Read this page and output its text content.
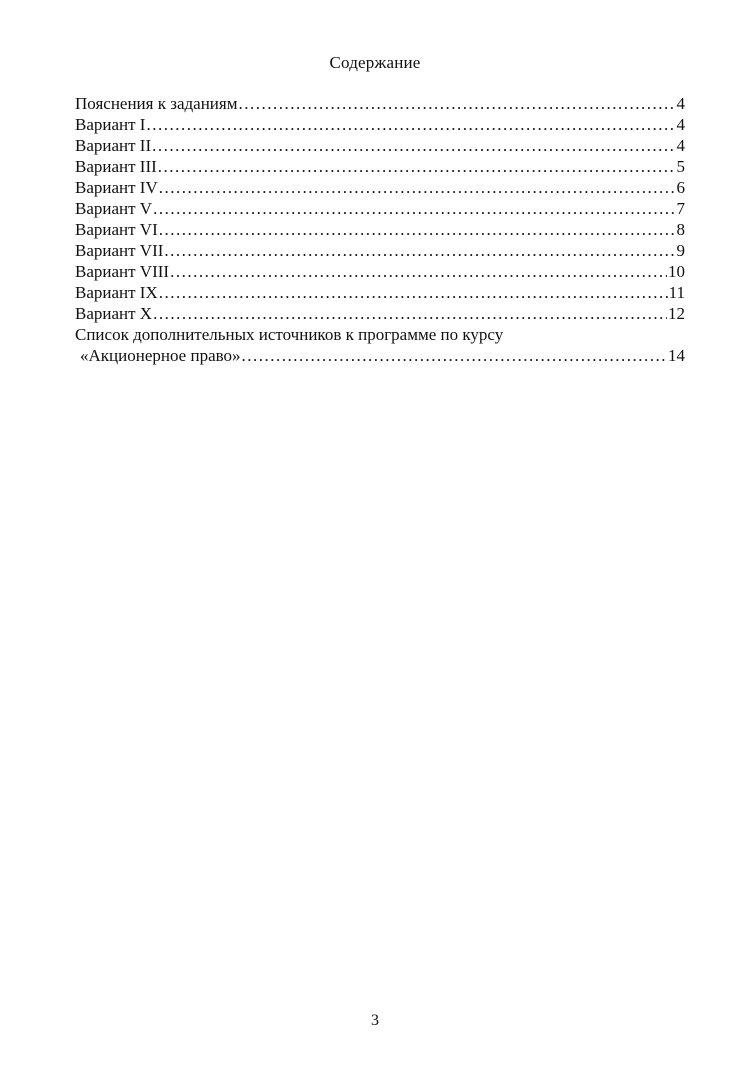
Содержание
Пояснения к заданиям .....	4
Вариант I .....	4
Вариант II .....	4
Вариант III .....	5
Вариант IV .....	6
Вариант V .....	7
Вариант VI .....	8
Вариант VII .....	9
Вариант VIII .....	10
Вариант IX .....	11
Вариант X .....	12
Список дополнительных источников к программе по курсу
«Акционерное право» .....	14
3
